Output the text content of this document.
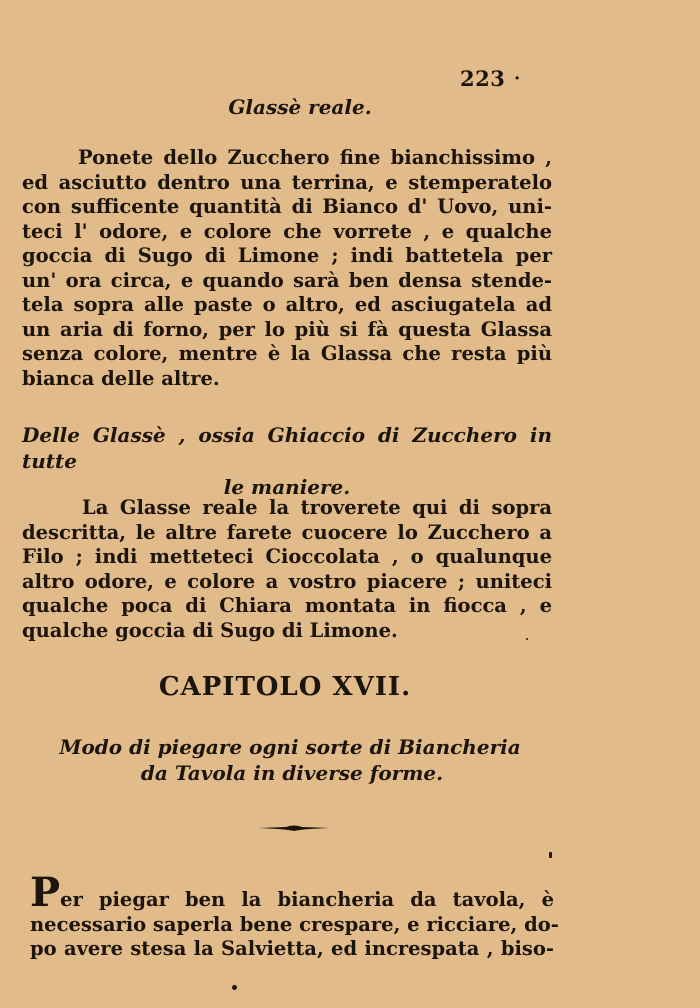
223 ·
Glassè reale.
Ponete dello Zucchero fine bianchissimo ,
ed asciutto dentro una terrina, e stemperatelo
con sufficente quantità di Bianco d' Uovo, uni-
teci l' odore, e colore che vorrete , e qualche
goccia di Sugo di Limone ; indi battetela per
un' ora circa, e quando sarà ben densa stende-
tela sopra alle paste o altro, ed asciugatela ad
un aria di forno, per lo più si fà questa Glassa
senza colore, mentre è la Glassa che resta più
bianca delle altre.
Delle Glassè , ossia Ghiaccio di Zucchero in tutte
le maniere.
La Glasse reale la troverete qui di sopra
descritta, le altre farete cuocere lo Zucchero a
Filo ; indi metteteci Cioccolata , o qualunque
altro odore, e colore a vostro piacere ; uniteci
qualche poca di Chiara montata in fiocca , e
qualche goccia di Sugo di Limone.
CAPITOLO XVII.
Modo di piegare ogni sorte di Biancheria
da Tavola in diverse forme.
Per piegar ben la biancheria da tavola, è
necessario saperla bene crespare, e ricciare, do-
po avere stesa la Salvietta, ed increspata , biso-
